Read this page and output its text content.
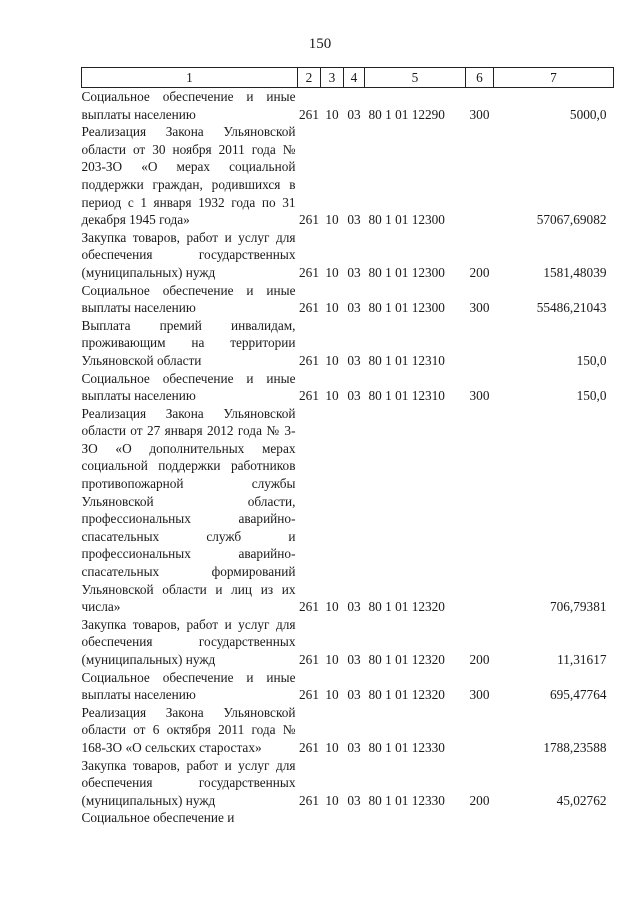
150
1	2	3	4	5	6	7
Социальное обеспечение и иные выплаты населению	261	10	03	80 1 01 12290	300	5000,0
Реализация Закона Ульяновской области от 30 ноября 2011 года № 203-ЗО «О мерах социальной поддержки граждан, родившихся в период с 1 января 1932 года по 31 декабря 1945 года»	261	10	03	80 1 01 12300		57067,69082
Закупка товаров, работ и услуг для обеспечения государственных (муниципальных) нужд	261	10	03	80 1 01 12300	200	1581,48039
Социальное обеспечение и иные выплаты населению	261	10	03	80 1 01 12300	300	55486,21043
Выплата премий инвалидам, проживающим на территории Ульяновской области	261	10	03	80 1 01 12310		150,0
Социальное обеспечение и иные выплаты населению	261	10	03	80 1 01 12310	300	150,0
Реализация Закона Ульяновской области от 27 января 2012 года № 3-ЗО «О дополнительных мерах социальной поддержки работников противопожарной службы Ульяновской области, профессиональных аварийно-спасательных служб и профессиональных аварийно-спасательных формирований Ульяновской области и лиц из их числа»	261	10	03	80 1 01 12320		706,79381
Закупка товаров, работ и услуг для обеспечения государственных (муниципальных) нужд	261	10	03	80 1 01 12320	200	11,31617
Социальное обеспечение и иные выплаты населению	261	10	03	80 1 01 12320	300	695,47764
Реализация Закона Ульяновской области от 6 октября 2011 года № 168-ЗО «О сельских старостах»	261	10	03	80 1 01 12330		1788,23588
Закупка товаров, работ и услуг для обеспечения государственных (муниципальных) нужд	261	10	03	80 1 01 12330	200	45,02762
Социальное обеспечение и						
